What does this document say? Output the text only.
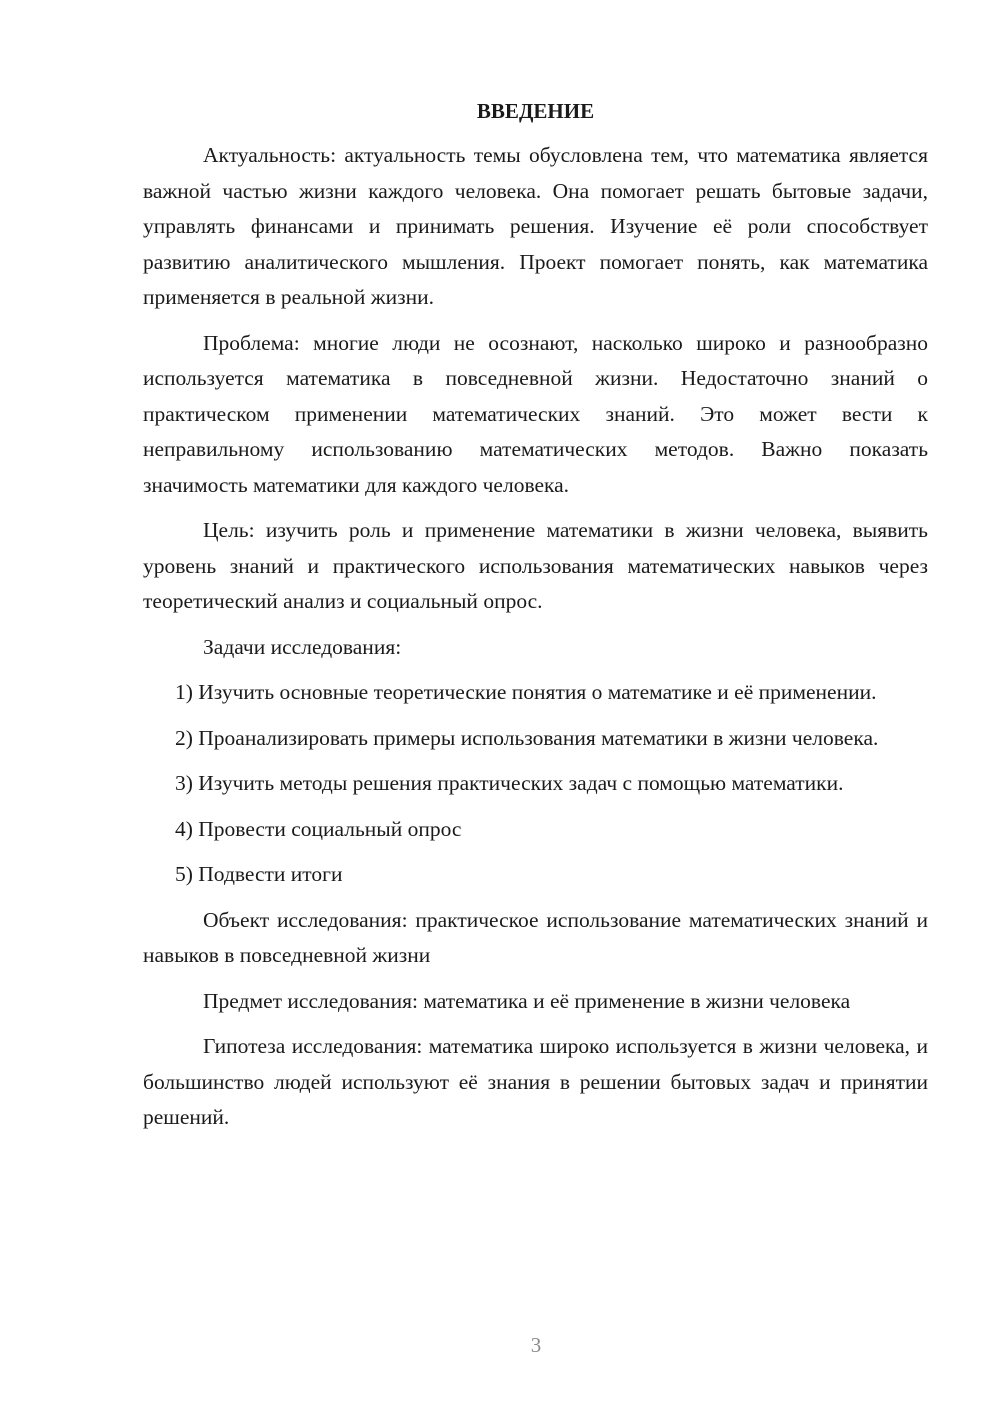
ВВЕДЕНИЕ

Актуальность: актуальность темы обусловлена тем, что математика является важной частью жизни каждого человека. Она помогает решать бытовые задачи, управлять финансами и принимать решения. Изучение её роли способствует развитию аналитического мышления. Проект помогает понять, как математика применяется в реальной жизни.

Проблема: многие люди не осознают, насколько широко и разнообразно используется математика в повседневной жизни. Недостаточно знаний о практическом применении математических знаний. Это может вести к неправильному использованию математических методов. Важно показать значимость математики для каждого человека.

Цель: изучить роль и применение математики в жизни человека, выявить уровень знаний и практического использования математических навыков через теоретический анализ и социальный опрос.

Задачи исследования:

1) Изучить основные теоретические понятия о математике и её применении.

2) Проанализировать примеры использования математики в жизни человека.

3) Изучить методы решения практических задач с помощью математики.

4) Провести социальный опрос

5) Подвести итоги

Объект исследования: практическое использование математических знаний и навыков в повседневной жизни

Предмет исследования: математика и её применение в жизни человека

Гипотеза исследования: математика широко используется в жизни человека, и большинство людей используют её знания в решении бытовых задач и принятии решений.

3
